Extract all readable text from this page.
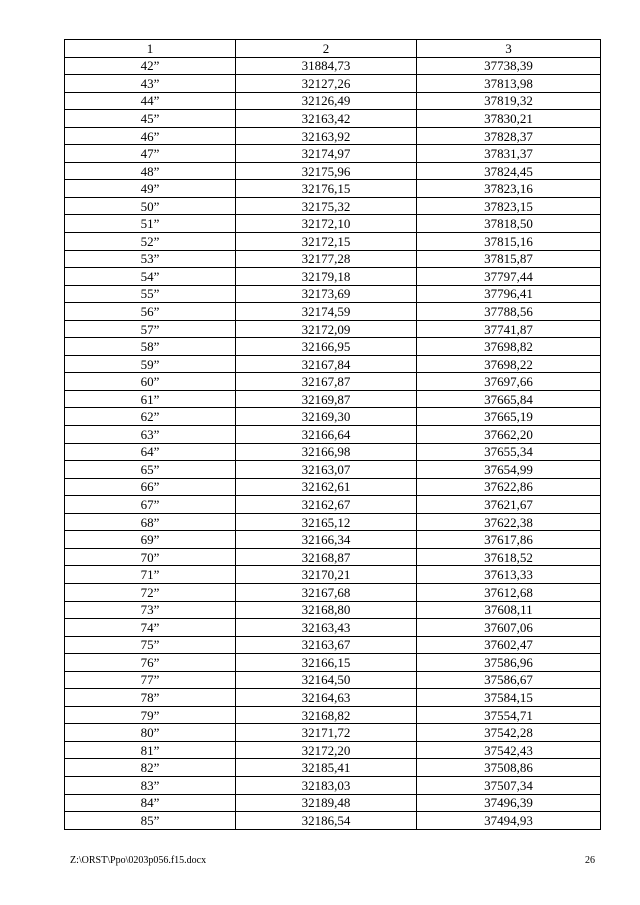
1	2	3
42”	31884,73	37738,39
43”	32127,26	37813,98
44”	32126,49	37819,32
45”	32163,42	37830,21
46”	32163,92	37828,37
47”	32174,97	37831,37
48”	32175,96	37824,45
49”	32176,15	37823,16
50”	32175,32	37823,15
51”	32172,10	37818,50
52”	32172,15	37815,16
53”	32177,28	37815,87
54”	32179,18	37797,44
55”	32173,69	37796,41
56”	32174,59	37788,56
57”	32172,09	37741,87
58”	32166,95	37698,82
59”	32167,84	37698,22
60”	32167,87	37697,66
61”	32169,87	37665,84
62”	32169,30	37665,19
63”	32166,64	37662,20
64”	32166,98	37655,34
65”	32163,07	37654,99
66”	32162,61	37622,86
67”	32162,67	37621,67
68”	32165,12	37622,38
69”	32166,34	37617,86
70”	32168,87	37618,52
71”	32170,21	37613,33
72”	32167,68	37612,68
73”	32168,80	37608,11
74”	32163,43	37607,06
75”	32163,67	37602,47
76”	32166,15	37586,96
77”	32164,50	37586,67
78”	32164,63	37584,15
79”	32168,82	37554,71
80”	32171,72	37542,28
81”	32172,20	37542,43
82”	32185,41	37508,86
83”	32183,03	37507,34
84”	32189,48	37496,39
85”	32186,54	37494,93
Z:\ORST\Ppo\0203p056.f15.docx	26
